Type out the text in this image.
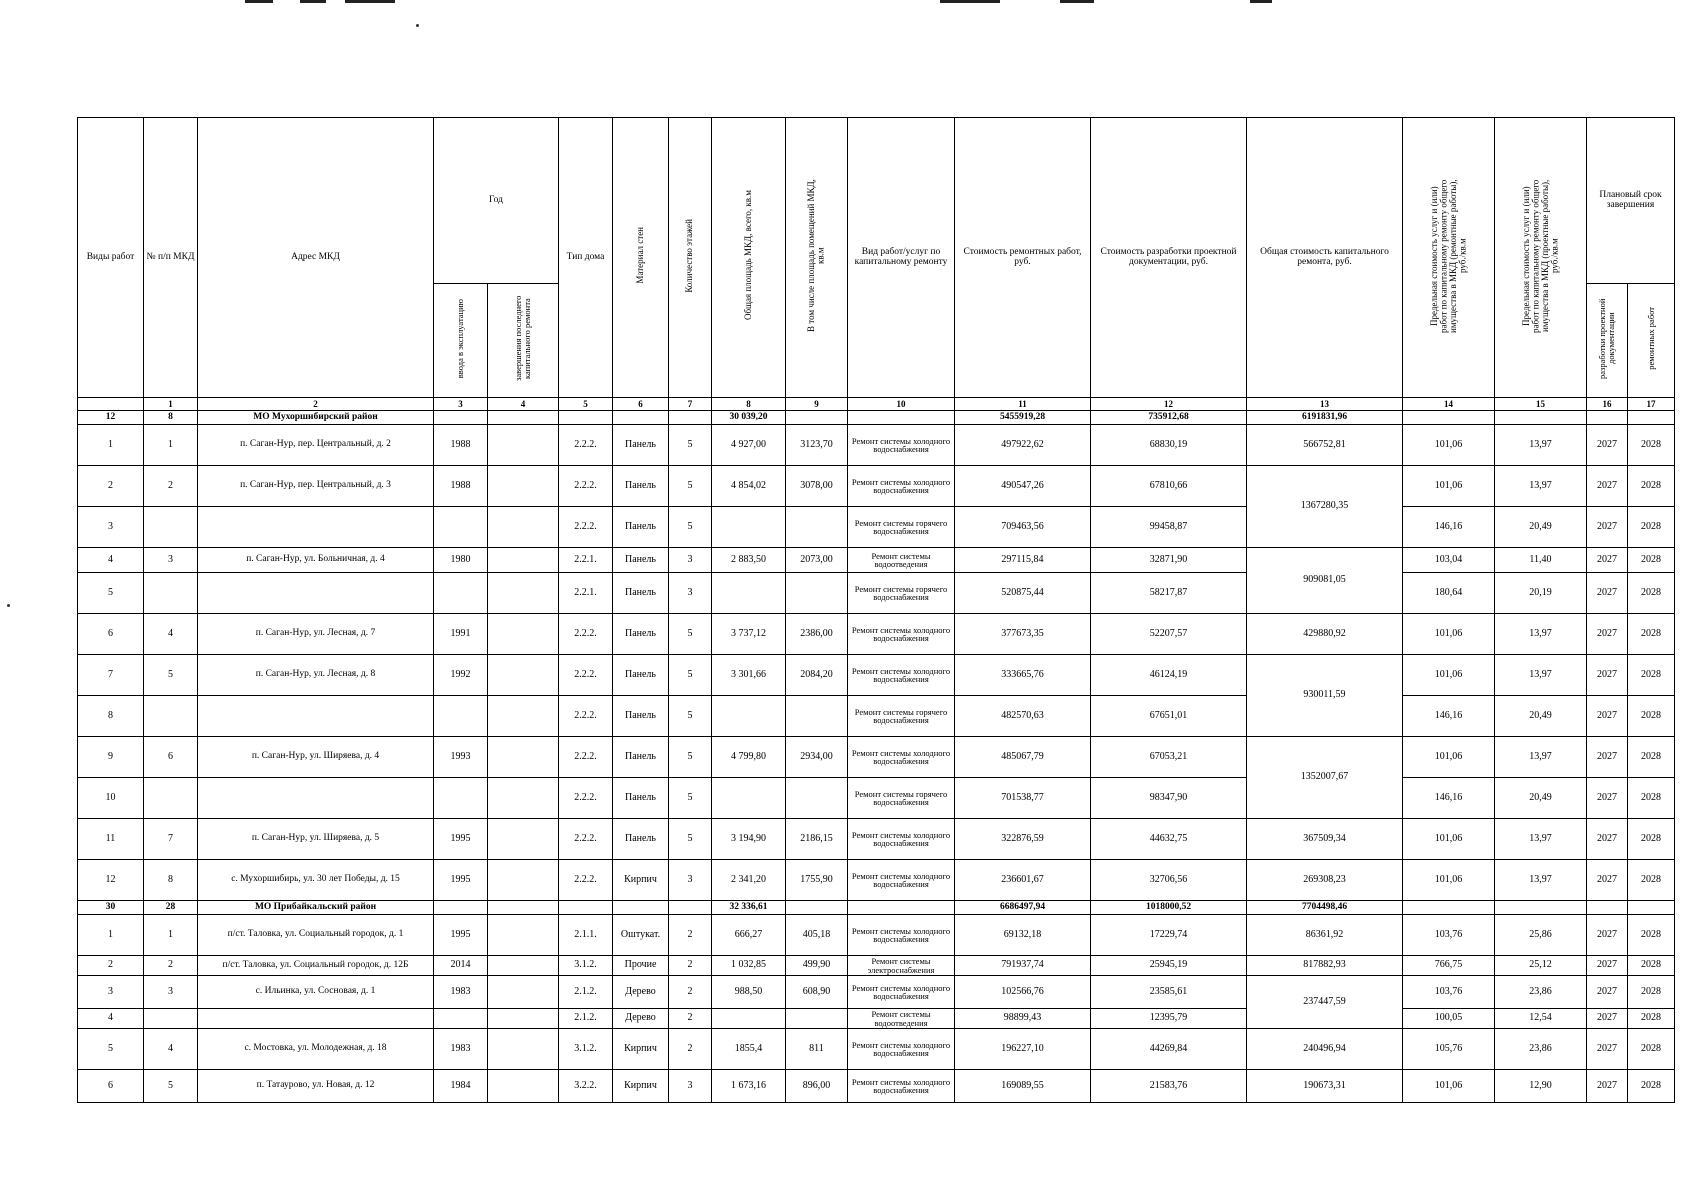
Виды работ	№ п/п МКД	Адрес МКД	Год		Тип дома	Материал стен	Количество этажей	Общая площадь МКД, всего, кв.м	В том числе площадь помещений МКД, кв.м	Вид работ/услуг по капитальному ремонту	Стоимость ремонтных работ, руб.	Стоимость разработки проектной документации, руб.	Общая стоимость капитального ремонта, руб.	Предельная стоимость услуг и (или) работ по капитальному ремонту общего имущества в МКД (ремонтные работы), руб./кв.м	Предельная стоимость услуг и (или) работ по капитальному ремонту общего имущества в МКД (проектные работы), руб./кв.м	Плановый срок завершения	
			ввода в эксплуатацию	завершения последнего капитального ремонта												разработки проектной документации	ремонтных работ
	1	2	3	4	5	6	7	8	9	10	11	12	13	14	15	16	17
12	8	МО Мухоршибирский район						30 039,20			5455919,28	735912,68	6191831,96				
1	1	п. Саган-Нур, пер. Центральный, д. 2	1988		2.2.2.	Панель	5	4 927,00	3123,70	Ремонт системы холодного водоснабжения	497922,62	68830,19	566752,81	101,06	13,97	2027	2028
2	2	п. Саган-Нур, пер. Центральный, д. 3	1988		2.2.2.	Панель	5	4 854,02	3078,00	Ремонт системы холодного водоснабжения	490547,26	67810,66	1367280,35	101,06	13,97	2027	2028
3					2.2.2.	Панель	5			Ремонт системы горячего водоснабжения	709463,56	99458,87		146,16	20,49	2027	2028
4	3	п. Саган-Нур, ул. Больничная, д. 4	1980		2.2.1.	Панель	3	2 883,50	2073,00	Ремонт системы водоотведения	297115,84	32871,90	909081,05	103,04	11,40	2027	2028
5					2.2.1.	Панель	3			Ремонт системы горячего водоснабжения	520875,44	58217,87		180,64	20,19	2027	2028
6	4	п. Саган-Нур, ул. Лесная, д. 7	1991		2.2.2.	Панель	5	3 737,12	2386,00	Ремонт системы холодного водоснабжения	377673,35	52207,57	429880,92	101,06	13,97	2027	2028
7	5	п. Саган-Нур, ул. Лесная, д. 8	1992		2.2.2.	Панель	5	3 301,66	2084,20	Ремонт системы холодного водоснабжения	333665,76	46124,19	930011,59	101,06	13,97	2027	2028
8					2.2.2.	Панель	5			Ремонт системы горячего водоснабжения	482570,63	67651,01		146,16	20,49	2027	2028
9	6	п. Саган-Нур, ул. Ширяева, д. 4	1993		2.2.2.	Панель	5	4 799,80	2934,00	Ремонт системы холодного водоснабжения	485067,79	67053,21	1352007,67	101,06	13,97	2027	2028
10					2.2.2.	Панель	5			Ремонт системы горячего водоснабжения	701538,77	98347,90		146,16	20,49	2027	2028
11	7	п. Саган-Нур, ул. Ширяева, д. 5	1995		2.2.2.	Панель	5	3 194,90	2186,15	Ремонт системы холодного водоснабжения	322876,59	44632,75	367509,34	101,06	13,97	2027	2028
12	8	с. Мухоршибирь, ул. 30 лет Победы, д. 15	1995		2.2.2.	Кирпич	3	2 341,20	1755,90	Ремонт системы холодного водоснабжения	236601,67	32706,56	269308,23	101,06	13,97	2027	2028
30	28	МО Прибайкальский район						32 336,61			6686497,94	1018000,52	7704498,46				
1	1	п/ст. Таловка, ул. Социальный городок, д. 1	1995		2.1.1.	Оштукат.	2	666,27	405,18	Ремонт системы холодного водоснабжения	69132,18	17229,74	86361,92	103,76	25,86	2027	2028
2	2	п/ст. Таловка, ул. Социальный городок, д. 12Б	2014		3.1.2.	Прочие	2	1 032,85	499,90	Ремонт системы электроснабжения	791937,74	25945,19	817882,93	766,75	25,12	2027	2028
3	3	с. Ильинка, ул. Сосновая, д. 1	1983		2.1.2.	Дерево	2	988,50	608,90	Ремонт системы холодного водоснабжения	102566,76	23585,61	237447,59	103,76	23,86	2027	2028
4					2.1.2.	Дерево	2			Ремонт системы водоотведения	98899,43	12395,79		100,05	12,54	2027	2028
5	4	с. Мостовка, ул. Молодежная, д. 18	1983		3.1.2.	Кирпич	2	1855,4	811	Ремонт системы холодного водоснабжения	196227,10	44269,84	240496,94	105,76	23,86	2027	2028
6	5	п. Татаурово, ул. Новая, д. 12	1984		3.2.2.	Кирпич	3	1 673,16	896,00	Ремонт системы холодного водоснабжения	169089,55	21583,76	190673,31	101,06	12,90	2027	2028
